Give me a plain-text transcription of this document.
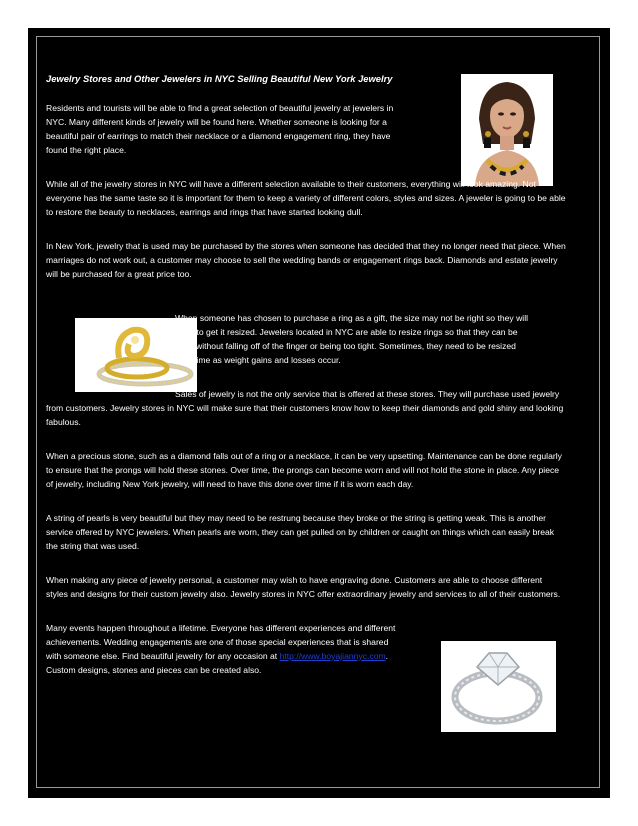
Jewelry Stores and Other Jewelers in NYC Selling Beautiful New York Jewelry

Residents and tourists will be able to find a great selection of beautiful jewelry at jewelers in NYC. Many different kinds of jewelry will be found here. Whether someone is looking for a beautiful pair of earrings to match their necklace or a diamond engagement ring, they have found the right place.

While all of the jewelry stores in NYC will have a different selection available to their customers, everything will look amazing. Not everyone has the same taste so it is important for them to keep a variety of different colors, styles and sizes. A jeweler is going to be able to restore the beauty to necklaces, earrings and rings that have started looking dull.

In New York, jewelry that is used may be purchased by the stores when someone has decided that they no longer need that piece. When marriages do not work out, a customer may choose to sell the wedding bands or engagement rings back. Diamonds and estate jewelry will be purchased for a great price too.

When someone has chosen to purchase a ring as a gift, the size may not be right so they will need to get it resized. Jewelers located in NYC are able to resize rings so that they can be worn without falling off of the finger or being too tight. Sometimes, they need to be resized over time as weight gains and losses occur.

Sales of jewelry is not the only service that is offered at these stores. They will purchase used jewelry from customers. Jewelry stores in NYC will make sure that their customers know how to keep their diamonds and gold shiny and looking fabulous.

When a precious stone, such as a diamond falls out of a ring or a necklace, it can be very upsetting. Maintenance can be done regularly to ensure that the prongs will hold these stones. Over time, the prongs can become worn and will not hold the stone in place. Any piece of jewelry, including New York jewelry, will need to have this done over time if it is worn each day.

A string of pearls is very beautiful but they may need to be restrung because they broke or the string is getting weak. This is another service offered by NYC jewelers. When pearls are worn, they can get pulled on by children or caught on things which can easily break the string that was used.

When making any piece of jewelry personal, a customer may wish to have engraving done. Customers are able to choose different styles and designs for their custom jewelry also. Jewelry stores in NYC offer extraordinary jewelry and services to all of their customers.

Many events happen throughout a lifetime. Everyone has different experiences and different achievements. Wedding engagements are one of those special experiences that is shared with someone else. Find beautiful jewelry for any occasion at http://www.boyajiannyc.com. Custom designs, stones and pieces can be created also.
